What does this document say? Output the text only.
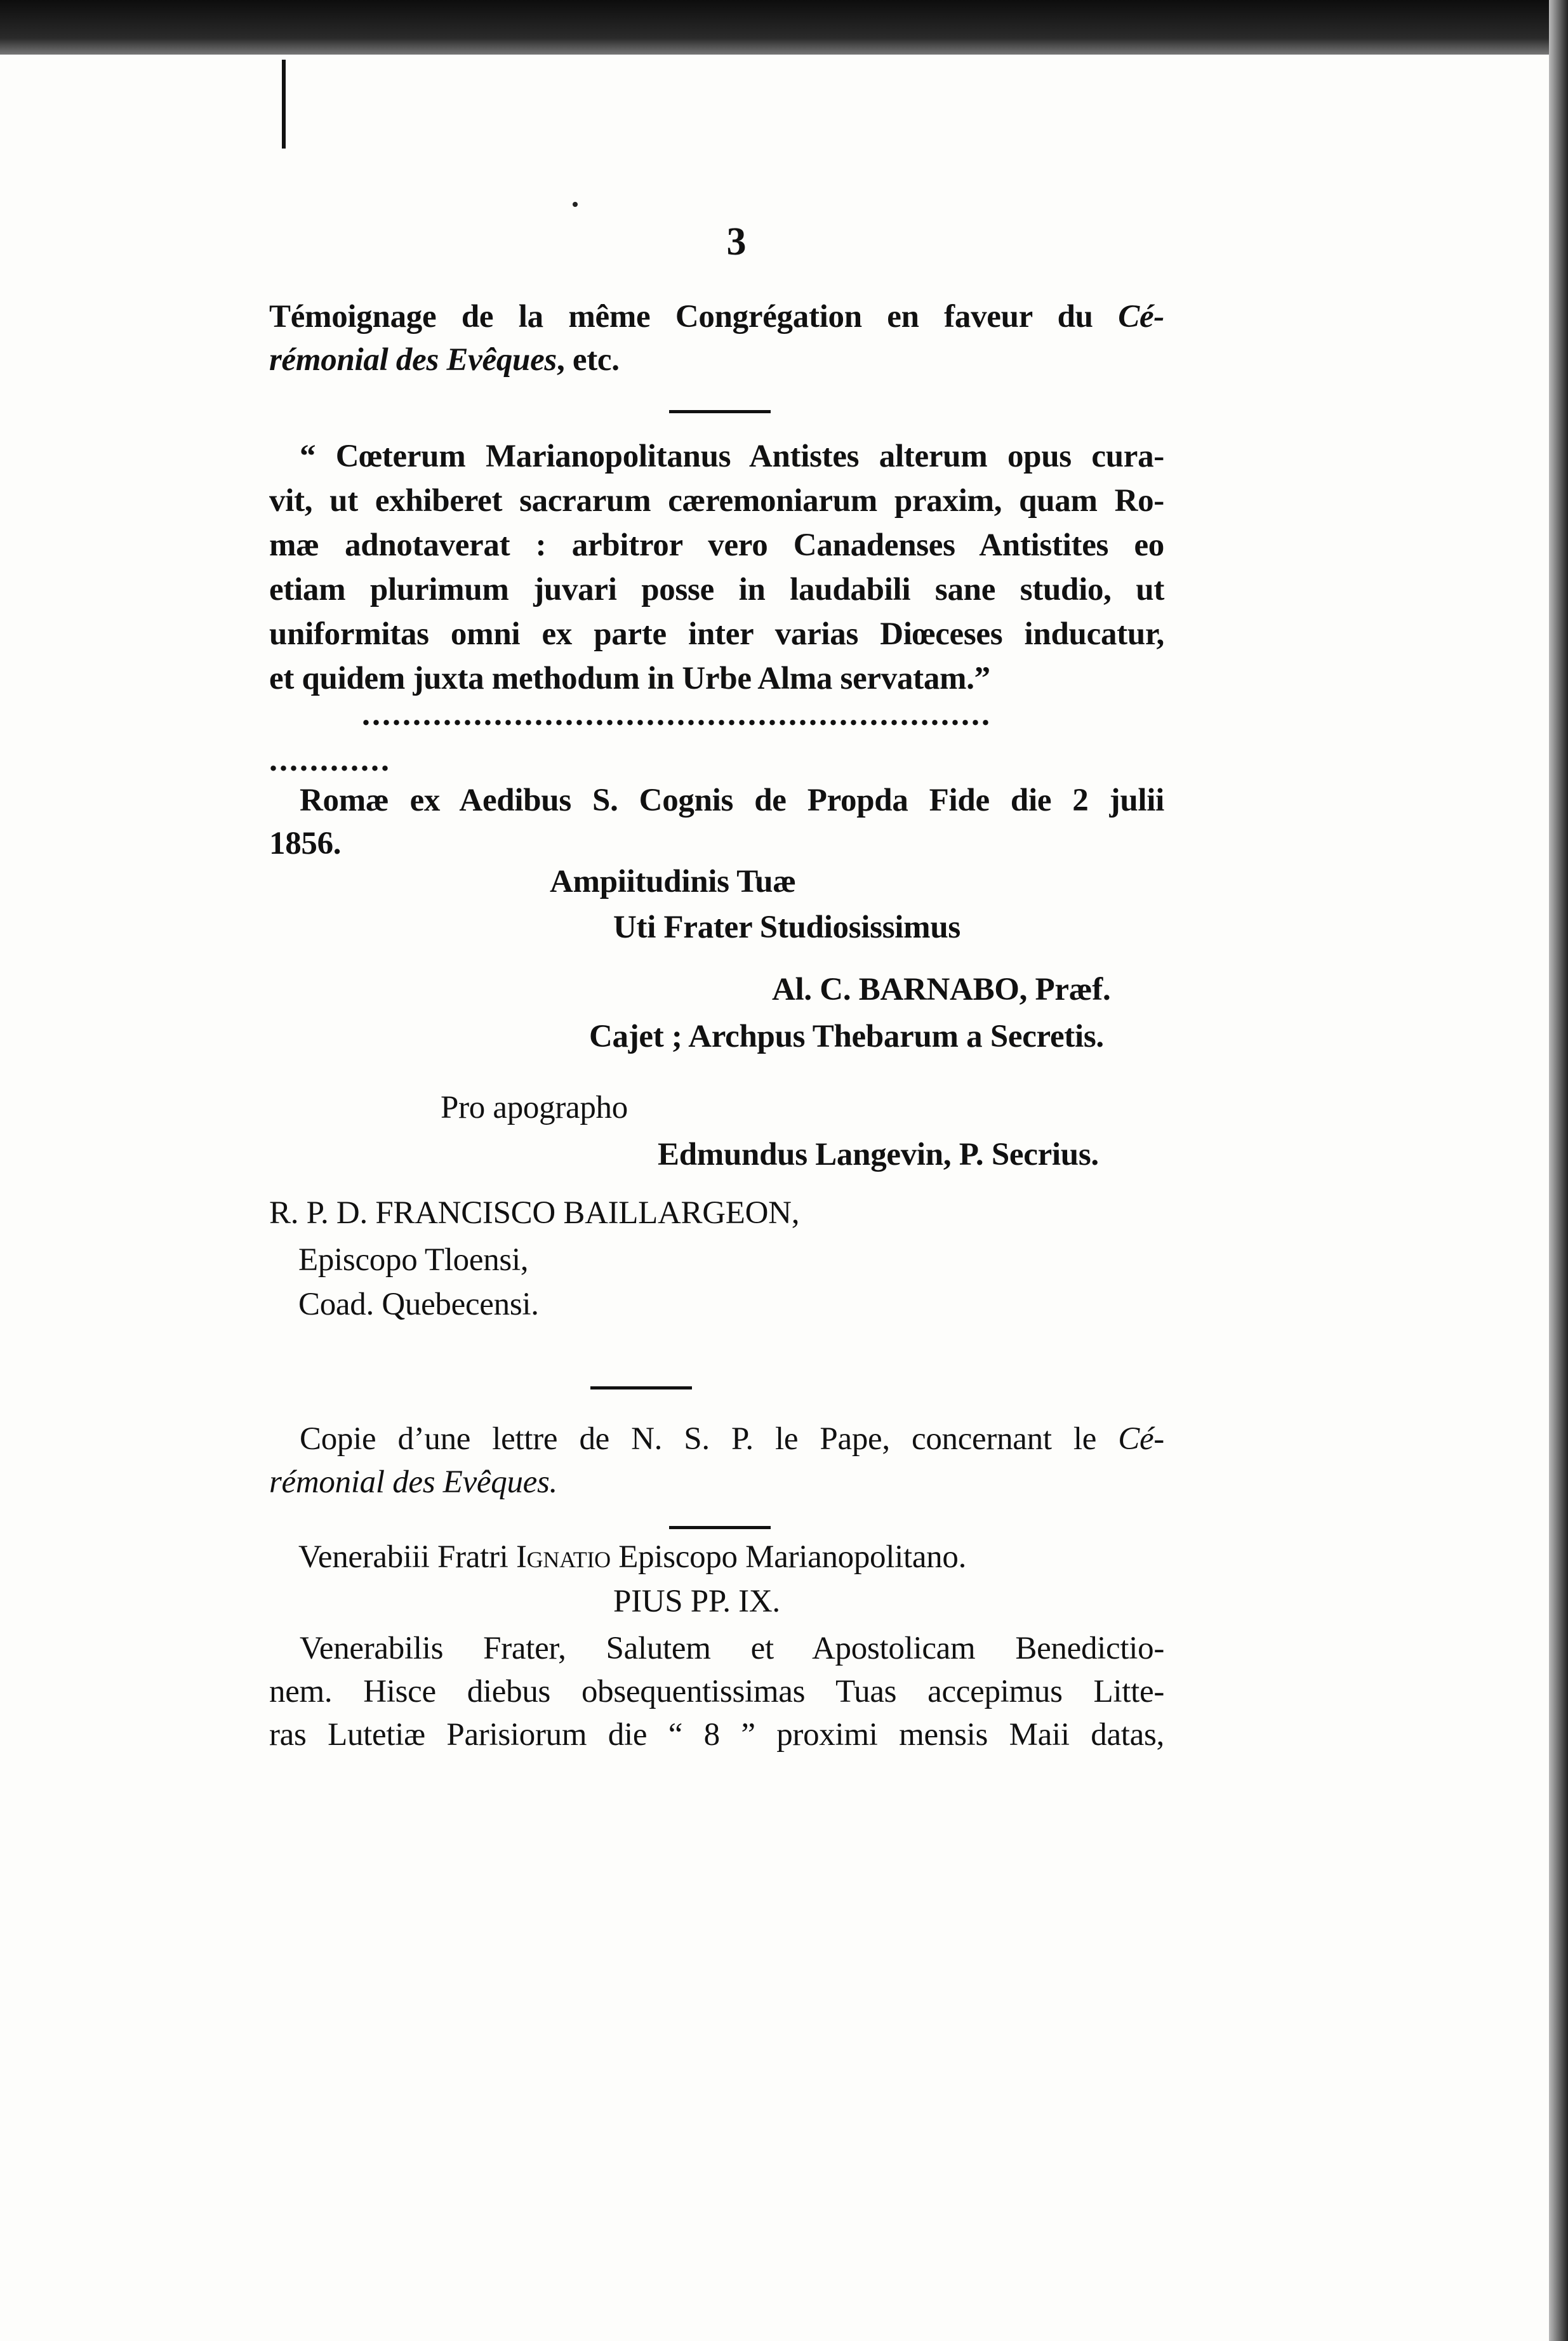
3
Témoignage de la même Congrégation en faveur du Cé-
rémonial des Evêques, etc.
“ Cœterum Marianopolitanus Antistes alterum opus cura-
vit, ut exhiberet sacrarum cæremoniarum praxim, quam Ro-
mæ adnotaverat : arbitror vero Canadenses Antistites eo
etiam plurimum juvari posse in laudabili sane studio, ut
uniformitas omni ex parte inter varias Diœceses inducatur,
et quidem juxta methodum in Urbe Alma servatam.”
..............................................................
............
Romæ ex Aedibus S. Cognis de Propda Fide die 2 julii
1856.
Ampiitudinis Tuæ
Uti Frater Studiosissimus
Al. C. BARNABO, Præf.
Cajet ; Archpus Thebarum a Secretis.
Pro apographo
Edmundus Langevin, P. Secrius.
R. P. D. FRANCISCO BAILLARGEON,
Episcopo Tloensi,
Coad. Quebecensi.
Copie d’une lettre de N. S. P. le Pape, concernant le Cé-
rémonial des Evêques.
Venerabiii Fratri Ignatio Episcopo Marianopolitano.
PIUS PP. IX.
Venerabilis Frater, Salutem et Apostolicam Benedictio-
nem. Hisce diebus obsequentissimas Tuas accepimus Litte-
ras Lutetiæ Parisiorum die “ 8 ” proximi mensis Maii datas,
